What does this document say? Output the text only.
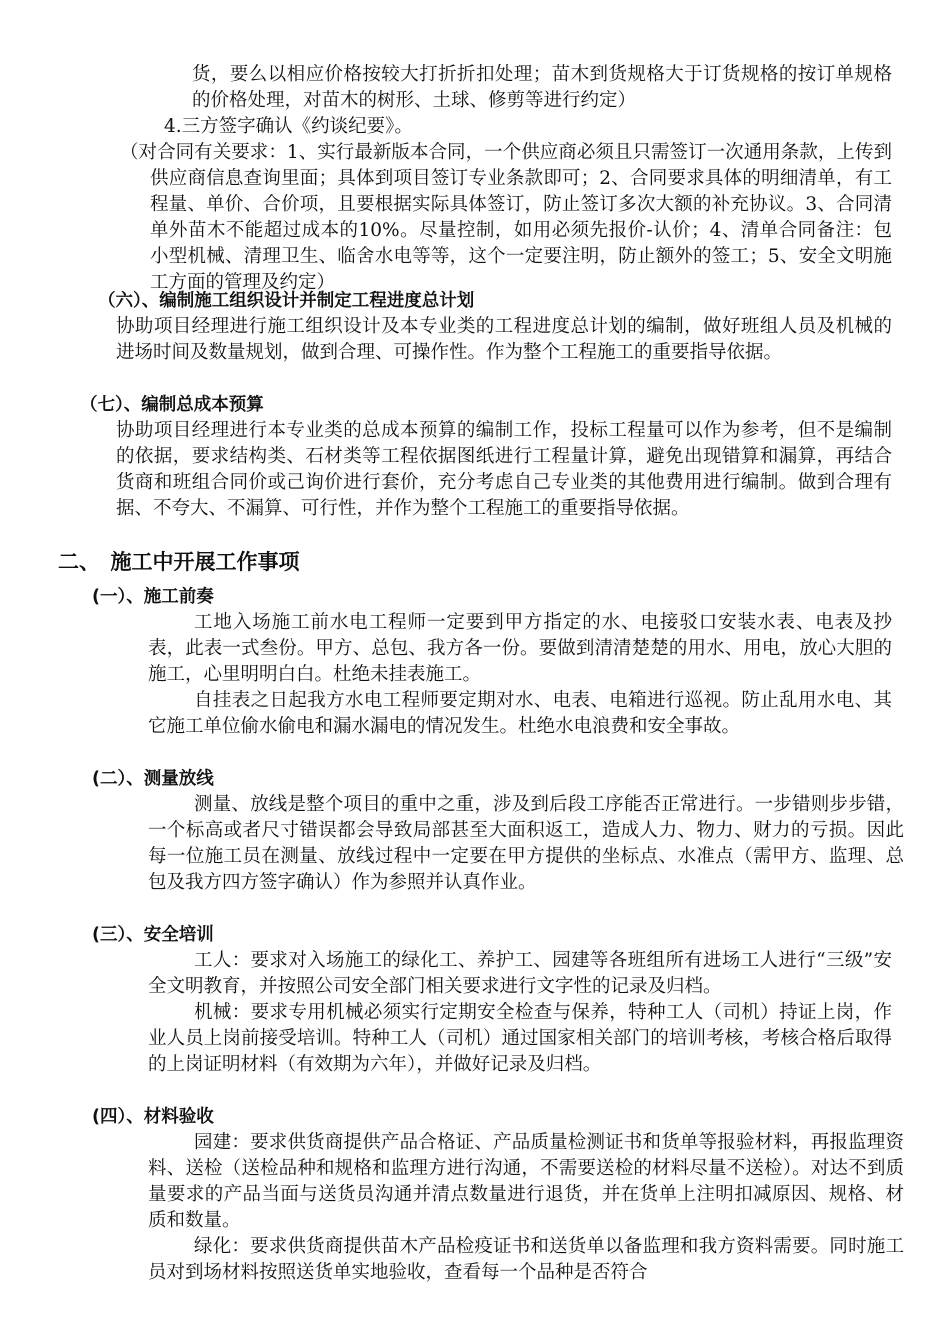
货，要么以相应价格按较大打折折扣处理；苗木到货规格大于订货规格的按订单规格的价格处理，对苗木的树形、土球、修剪等进行约定）

4.三方签字确认《约谈纪要》。

（对合同有关要求：1、实行最新版本合同，一个供应商必须且只需签订一次通用条款，上传到供应商信息查询里面；具体到项目签订专业条款即可；2、合同要求具体的明细清单，有工程量、单价、合价项，且要根据实际具体签订，防止签订多次大额的补充协议。3、合同清单外苗木不能超过成本的10%。尽量控制，如用必须先报价-认价；4、清单合同备注：包小型机械、清理卫生、临舍水电等等，这个一定要注明，防止额外的签工；5、安全文明施工方面的管理及约定）

（六）、编制施工组织设计并制定工程进度总计划

协助项目经理进行施工组织设计及本专业类的工程进度总计划的编制，做好班组人员及机械的进场时间及数量规划，做到合理、可操作性。作为整个工程施工的重要指导依据。

（七）、编制总成本预算

协助项目经理进行本专业类的总成本预算的编制工作，投标工程量可以作为参考，但不是编制的依据，要求结构类、石材类等工程依据图纸进行工程量计算，避免出现错算和漏算，再结合货商和班组合同价或己询价进行套价，充分考虑自己专业类的其他费用进行编制。做到合理有据、不夸大、不漏算、可行性，并作为整个工程施工的重要指导依据。

二、　施工中开展工作事项
(一）、施工前奏

工地入场施工前水电工程师一定要到甲方指定的水、电接驳口安装水表、电表及抄表，此表一式叁份。甲方、总包、我方各一份。要做到清清楚楚的用水、用电，放心大胆的施工，心里明明白白。杜绝未挂表施工。

自挂表之日起我方水电工程师要定期对水、电表、电箱进行巡视。防止乱用水电、其它施工单位偷水偷电和漏水漏电的情况发生。杜绝水电浪费和安全事故。

(二）、测量放线

测量、放线是整个项目的重中之重，涉及到后段工序能否正常进行。一步错则步步错，一个标高或者尺寸错误都会导致局部甚至大面积返工，造成人力、物力、财力的亏损。因此每一位施工员在测量、放线过程中一定要在甲方提供的坐标点、水准点（需甲方、监理、总包及我方四方签字确认）作为参照并认真作业。

(三）、安全培训

工人：要求对入场施工的绿化工、养护工、园建等各班组所有进场工人进行“三级”安全文明教育，并按照公司安全部门相关要求进行文字性的记录及归档。

机械：要求专用机械必须实行定期安全检查与保养，特种工人（司机）持证上岗，作业人员上岗前接受培训。特种工人（司机）通过国家相关部门的培训考核，考核合格后取得的上岗证明材料（有效期为六年），并做好记录及归档。

(四）、材料验收

园建：要求供货商提供产品合格证、产品质量检测证书和货单等报验材料，再报监理资料、送检（送检品种和规格和监理方进行沟通，不需要送检的材料尽量不送检）。对达不到质量要求的产品当面与送货员沟通并清点数量进行退货，并在货单上注明扣减原因、规格、材质和数量。

绿化：要求供货商提供苗木产品检疫证书和送货单以备监理和我方资料需要。同时施工员对到场材料按照送货单实地验收，查看每一个品种是否符合
